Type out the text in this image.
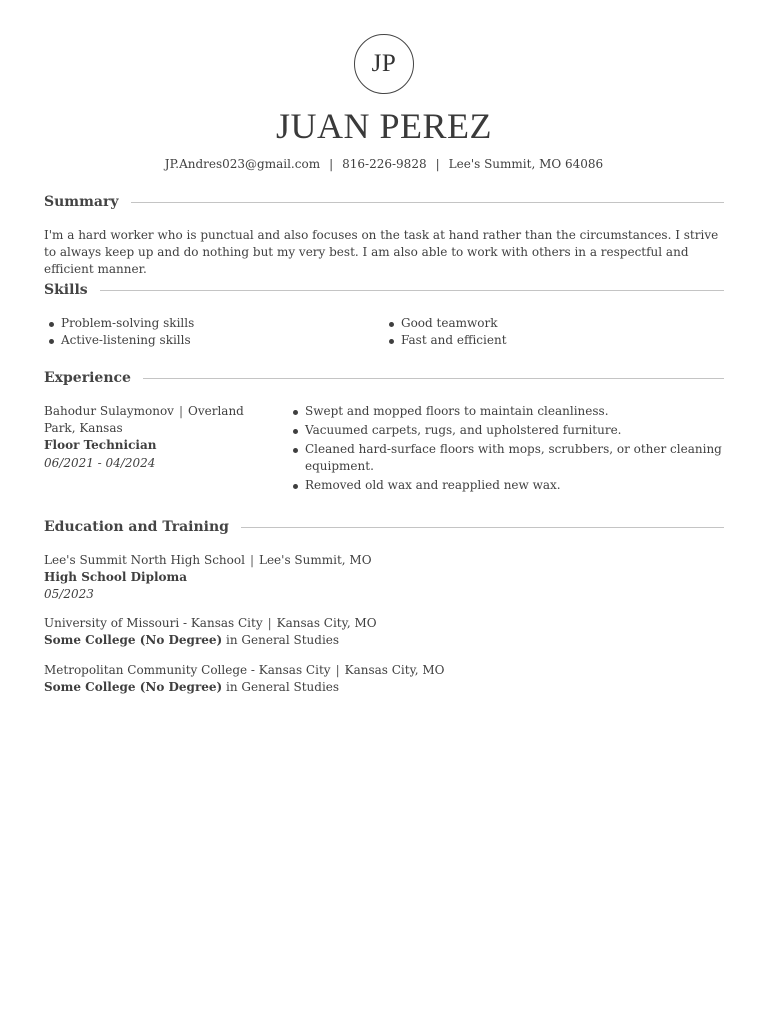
JP
JUAN PEREZ
JP.Andres023@gmail.com | 816-226-9828 | Lee's Summit, MO 64086
Summary
I'm a hard worker who is punctual and also focuses on the task at hand rather than the circumstances. I strive to always keep up and do nothing but my very best. I am also able to work with others in a respectful and efficient manner.
Skills
Problem-solving skills
Active-listening skills
Good teamwork
Fast and efficient
Experience
Bahodur Sulaymonov | Overland Park, Kansas
Floor Technician
06/2021 - 04/2024
Swept and mopped floors to maintain cleanliness.
Vacuumed carpets, rugs, and upholstered furniture.
Cleaned hard-surface floors with mops, scrubbers, or other cleaning equipment.
Removed old wax and reapplied new wax.
Education and Training
Lee's Summit North High School | Lee's Summit, MO
High School Diploma
05/2023
University of Missouri - Kansas City | Kansas City, MO
Some College (No Degree) in General Studies
Metropolitan Community College - Kansas City | Kansas City, MO
Some College (No Degree) in General Studies
